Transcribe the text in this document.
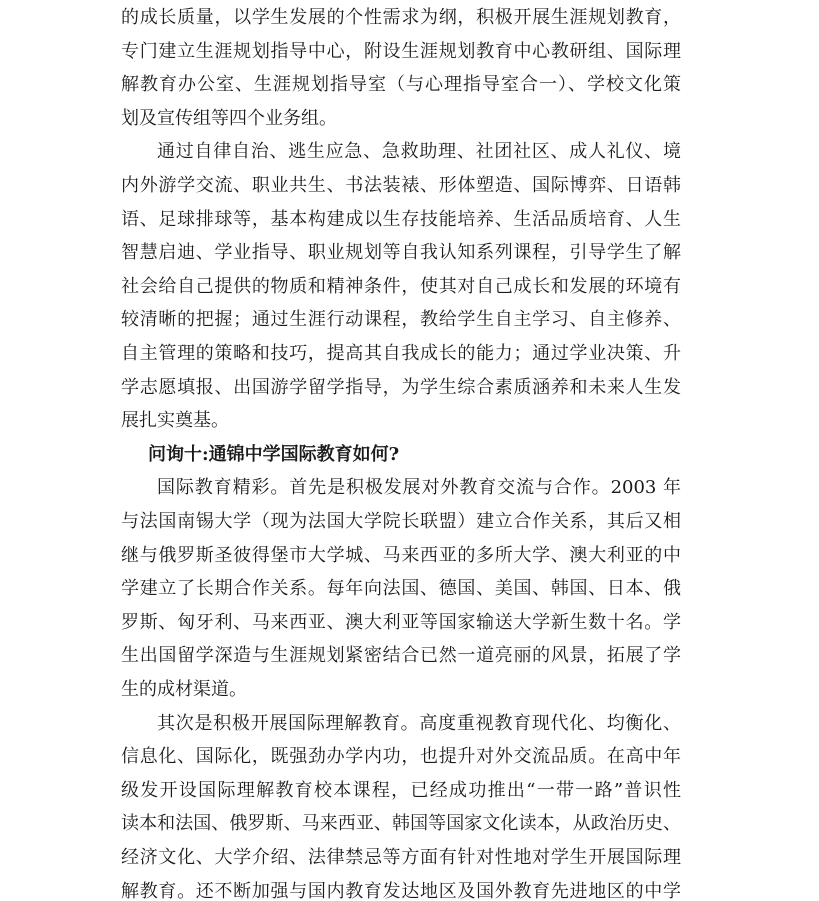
的成长质量，以学生发展的个性需求为纲，积极开展生涯规划教育，
专门建立生涯规划指导中心，附设生涯规划教育中心教研组、国际理
解教育办公室、生涯规划指导室（与心理指导室合一）、学校文化策
划及宣传组等四个业务组。
通过自律自治、逃生应急、急救助理、社团社区、成人礼仪、境
内外游学交流、职业共生、书法装裱、形体塑造、国际博弈、日语韩
语、足球排球等，基本构建成以生存技能培养、生活品质培育、人生
智慧启迪、学业指导、职业规划等自我认知系列课程，引导学生了解
社会给自己提供的物质和精神条件，使其对自己成长和发展的环境有
较清晰的把握；通过生涯行动课程，教给学生自主学习、自主修养、
自主管理的策略和技巧，提高其自我成长的能力；通过学业决策、升
学志愿填报、出国游学留学指导，为学生综合素质涵养和未来人生发
展扎实奠基。
问询十:通锦中学国际教育如何?
国际教育精彩。首先是积极发展对外教育交流与合作。2003 年
与法国南锡大学（现为法国大学院长联盟）建立合作关系，其后又相
继与俄罗斯圣彼得堡市大学城、马来西亚的多所大学、澳大利亚的中
学建立了长期合作关系。每年向法国、德国、美国、韩国、日本、俄
罗斯、匈牙利、马来西亚、澳大利亚等国家输送大学新生数十名。学
生出国留学深造与生涯规划紧密结合已然一道亮丽的风景，拓展了学
生的成材渠道。
其次是积极开展国际理解教育。高度重视教育现代化、均衡化、
信息化、国际化，既强劲办学内功，也提升对外交流品质。在高中年
级发开设国际理解教育校本课程，已经成功推出“一带一路”普识性
读本和法国、俄罗斯、马来西亚、韩国等国家文化读本，从政治历史、
经济文化、大学介绍、法律禁忌等方面有针对性地对学生开展国际理
解教育。还不断加强与国内教育发达地区及国外教育先进地区的中学
